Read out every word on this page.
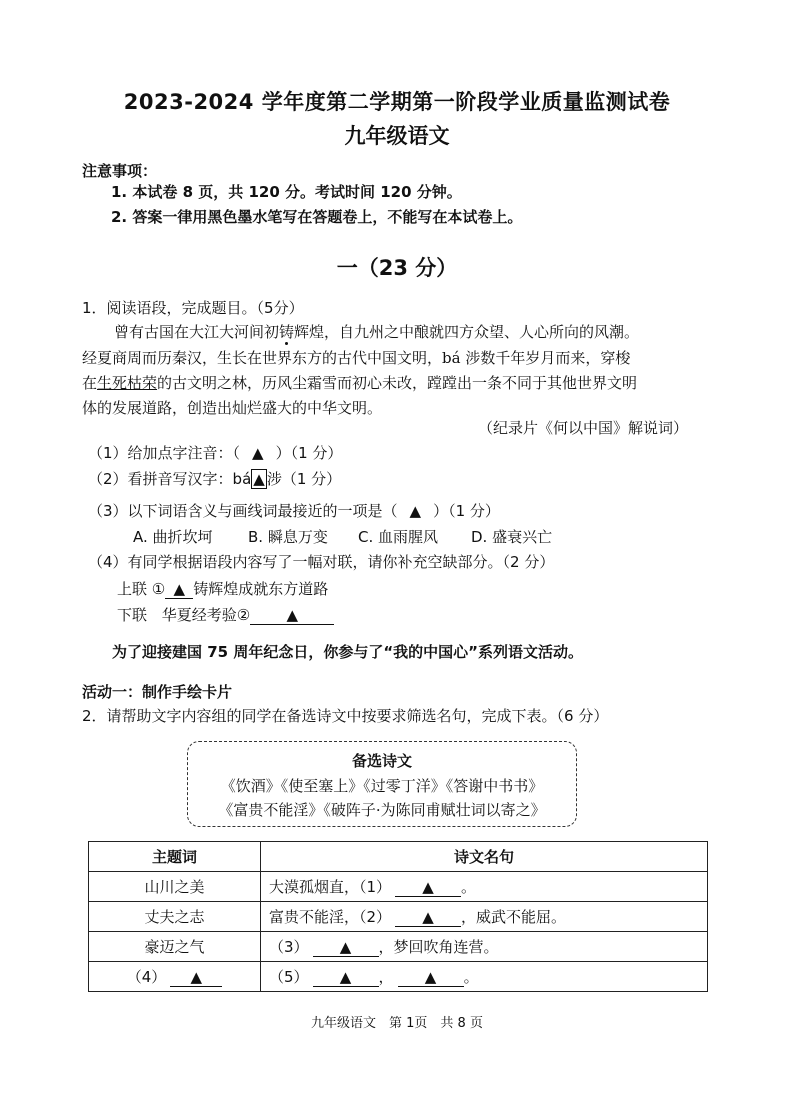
2023-2024 学年度第二学期第一阶段学业质量监测试卷
九年级语文
注意事项：
1. 本试卷 8 页，共 120 分。考试时间 120 分钟。
2. 答案一律用黑色墨水笔写在答题卷上，不能写在本试卷上。
一（23 分）
1．阅读语段，完成题目。（5分）
曾有古国在大江大河间初铸辉煌，自九州之中酿就四方众望、人心所向的风潮。
经夏商周而历秦汉，生长在世界东方的古代中国文明，bá 涉数千年岁月而来，穿梭
在生死枯荣的古文明之林，历风尘霜雪而初心未改，蹚蹚出一条不同于其他世界文明
体的发展道路，创造出灿烂盛大的中华文明。
（纪录片《何以中国》解说词）
（1）给加点字注音：（ ▲ ）（1 分）
（2）看拼音写汉字：bá ▲ 涉（1 分）
（3）以下词语含义与画线词最接近的一项是（ ▲ ）（1 分）
A. 曲折坎坷 B. 瞬息万变 C. 血雨腥风 D. 盛衰兴亡
（4）有同学根据语段内容写了一幅对联，请你补充空缺部分。（2 分）
上联 ① ▲ 铸辉煌成就东方道路
下联 华夏经考验② ▲
为了迎接建国 75 周年纪念日，你参与了“我的中国心”系列语文活动。
活动一：制作手绘卡片
2．请帮助文字内容组的同学在备选诗文中按要求筛选名句，完成下表。（6 分）
备选诗文
《饮酒》《使至塞上》《过零丁洋》《答谢中书书》
《富贵不能淫》《破阵子·为陈同甫赋壮词以寄之》
主题词	诗文名句
山川之美	大漠孤烟直，（1） ▲ 。
丈夫之志	富贵不能淫，（2） ▲ ，威武不能屈。
豪迈之气	（3） ▲ ，梦回吹角连营。
（4） ▲	（5） ▲ ， ▲ 。
九年级语文　第 1页　共 8 页
